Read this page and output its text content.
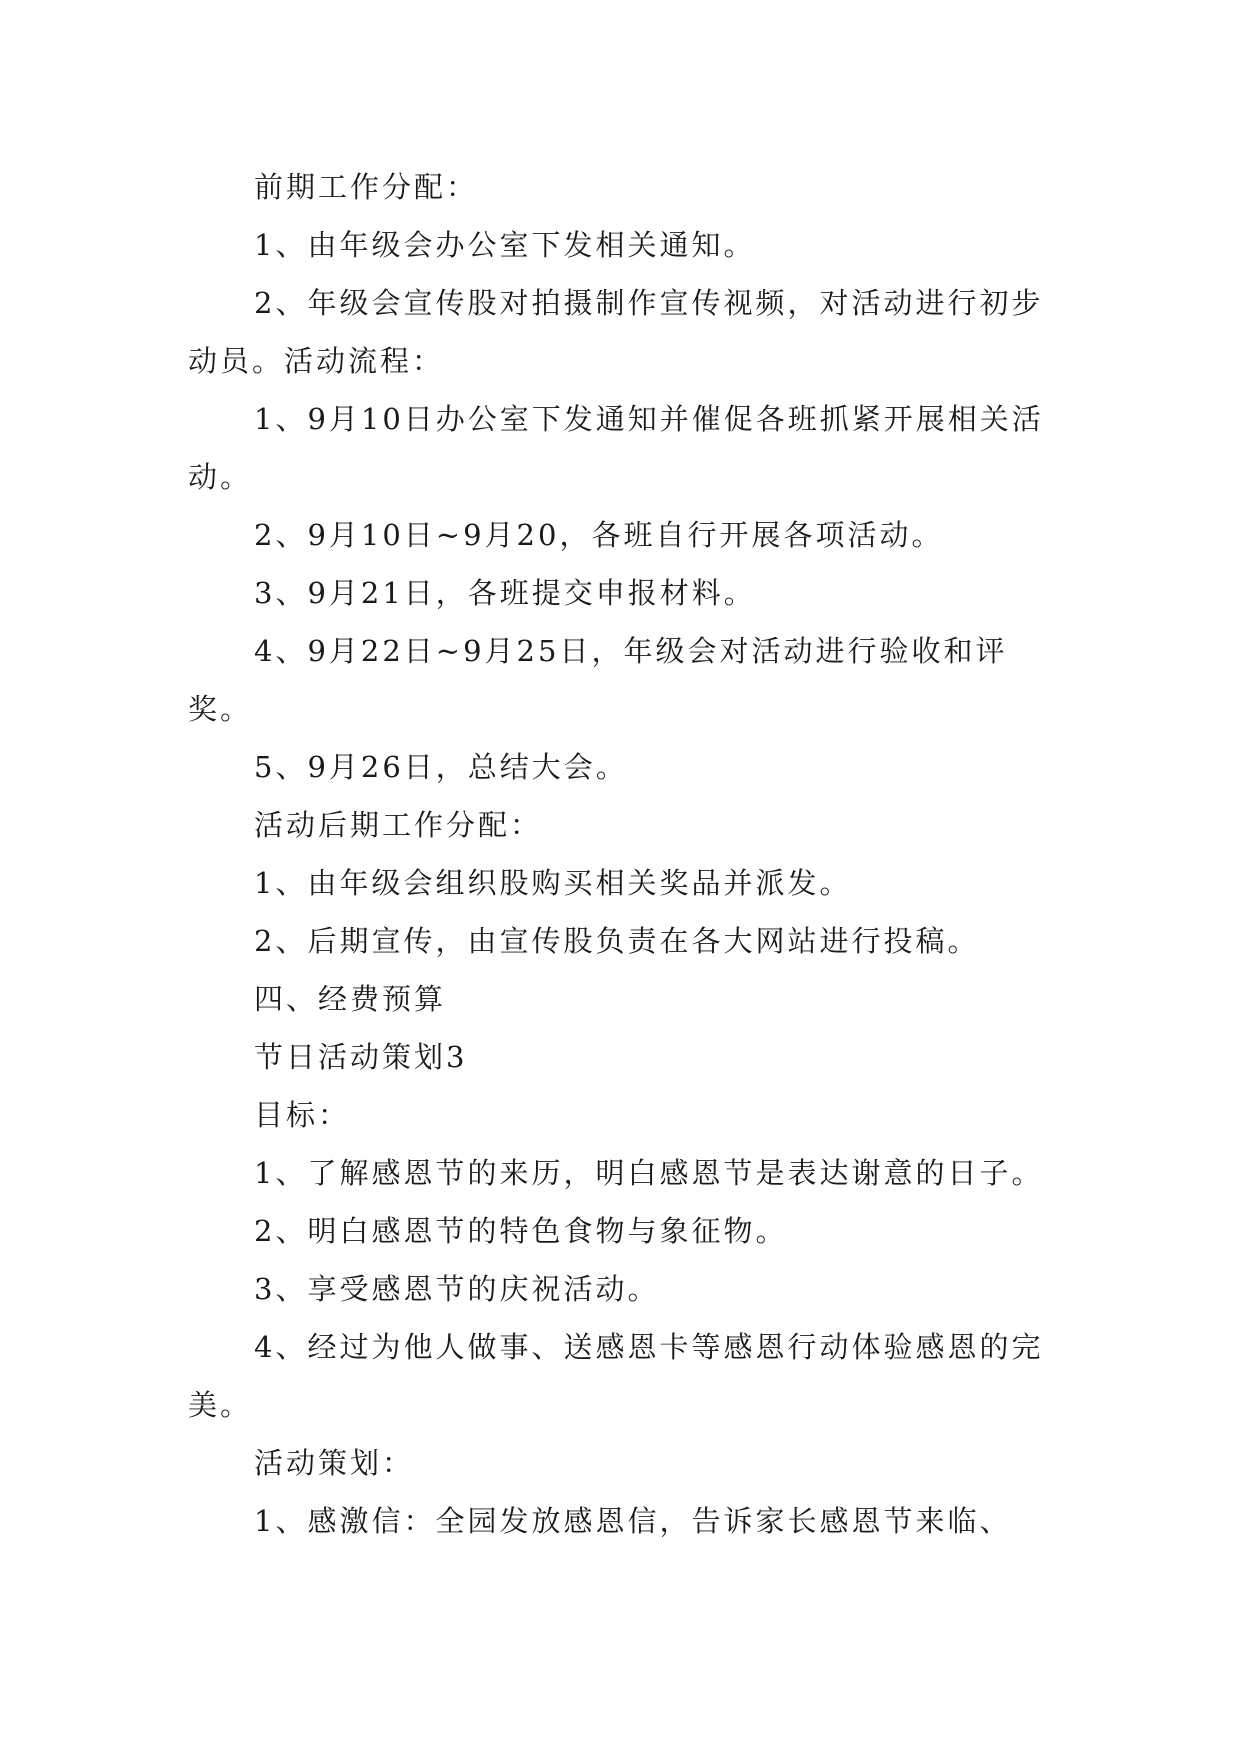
前期工作分配：

1、由年级会办公室下发相关通知。

2、年级会宣传股对拍摄制作宣传视频，对活动进行初步动员。活动流程：

1、9月10日办公室下发通知并催促各班抓紧开展相关活动。

2、9月10日~9月20，各班自行开展各项活动。

3、9月21日，各班提交申报材料。

4、9月22日~9月25日，年级会对活动进行验收和评奖。

5、9月26日，总结大会。

活动后期工作分配：

1、由年级会组织股购买相关奖品并派发。

2、后期宣传，由宣传股负责在各大网站进行投稿。

四、经费预算

节日活动策划3

目标：

1、了解感恩节的来历，明白感恩节是表达谢意的日子。

2、明白感恩节的特色食物与象征物。

3、享受感恩节的庆祝活动。

4、经过为他人做事、送感恩卡等感恩行动体验感恩的完美。

活动策划：

1、感激信：全园发放感恩信，告诉家长感恩节来临、
